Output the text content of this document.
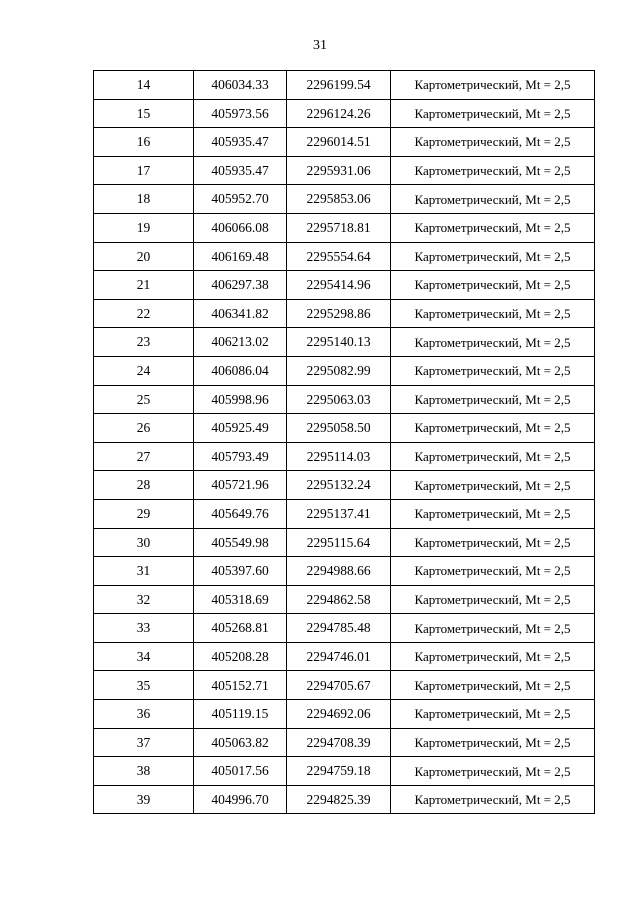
31
14	406034.33	2296199.54	Картометрический, Mt = 2,5
15	405973.56	2296124.26	Картометрический, Mt = 2,5
16	405935.47	2296014.51	Картометрический, Mt = 2,5
17	405935.47	2295931.06	Картометрический, Mt = 2,5
18	405952.70	2295853.06	Картометрический, Mt = 2,5
19	406066.08	2295718.81	Картометрический, Mt = 2,5
20	406169.48	2295554.64	Картометрический, Mt = 2,5
21	406297.38	2295414.96	Картометрический, Mt = 2,5
22	406341.82	2295298.86	Картометрический, Mt = 2,5
23	406213.02	2295140.13	Картометрический, Mt = 2,5
24	406086.04	2295082.99	Картометрический, Mt = 2,5
25	405998.96	2295063.03	Картометрический, Mt = 2,5
26	405925.49	2295058.50	Картометрический, Mt = 2,5
27	405793.49	2295114.03	Картометрический, Mt = 2,5
28	405721.96	2295132.24	Картометрический, Mt = 2,5
29	405649.76	2295137.41	Картометрический, Mt = 2,5
30	405549.98	2295115.64	Картометрический, Mt = 2,5
31	405397.60	2294988.66	Картометрический, Mt = 2,5
32	405318.69	2294862.58	Картометрический, Mt = 2,5
33	405268.81	2294785.48	Картометрический, Mt = 2,5
34	405208.28	2294746.01	Картометрический, Mt = 2,5
35	405152.71	2294705.67	Картометрический, Mt = 2,5
36	405119.15	2294692.06	Картометрический, Mt = 2,5
37	405063.82	2294708.39	Картометрический, Mt = 2,5
38	405017.56	2294759.18	Картометрический, Mt = 2,5
39	404996.70	2294825.39	Картометрический, Mt = 2,5
